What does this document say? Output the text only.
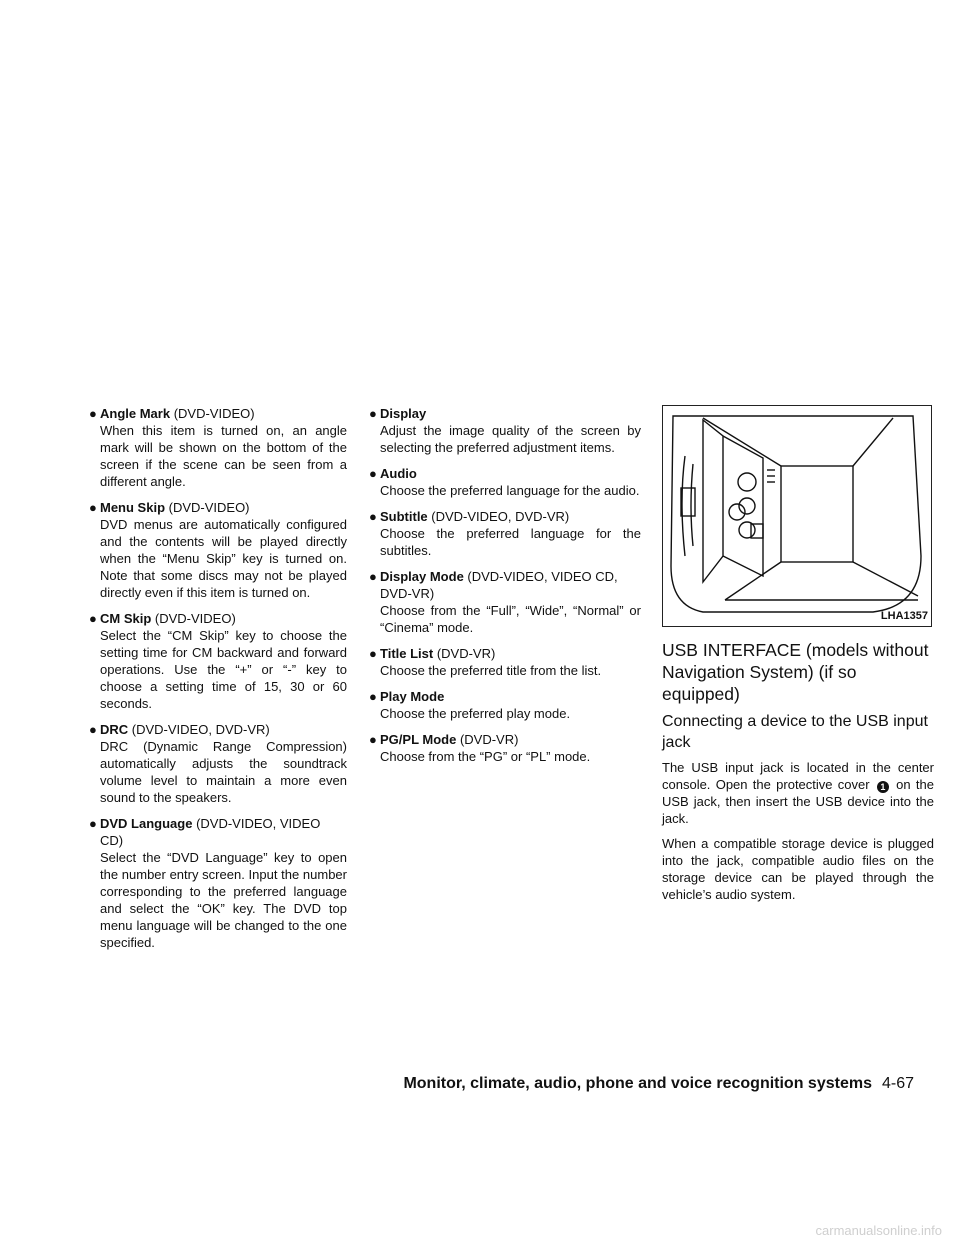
● Angle Mark (DVD-VIDEO)
When this item is turned on, an angle mark will be shown on the bottom of the screen if the scene can be seen from a different angle.
● Menu Skip (DVD-VIDEO)
DVD menus are automatically configured and the contents will be played directly when the “Menu Skip” key is turned on. Note that some discs may not be played directly even if this item is turned on.
● CM Skip (DVD-VIDEO)
Select the “CM Skip” key to choose the setting time for CM backward and forward operations. Use the “+” or “-” key to choose a setting time of 15, 30 or 60 seconds.
● DRC (DVD-VIDEO, DVD-VR)
DRC (Dynamic Range Compression) automatically adjusts the soundtrack volume level to maintain a more even sound to the speakers.
● DVD Language (DVD-VIDEO, VIDEO CD)
Select the “DVD Language” key to open the number entry screen. Input the number corresponding to the preferred language and select the “OK” key. The DVD top menu language will be changed to the one specified.
● Display
Adjust the image quality of the screen by selecting the preferred adjustment items.
● Audio
Choose the preferred language for the audio.
● Subtitle (DVD-VIDEO, DVD-VR)
Choose the preferred language for the subtitles.
● Display Mode (DVD-VIDEO, VIDEO CD, DVD-VR)
Choose from the “Full”, “Wide”, “Normal” or “Cinema” mode.
● Title List (DVD-VR)
Choose the preferred title from the list.
● Play Mode
Choose the preferred play mode.
● PG/PL Mode (DVD-VR)
Choose from the “PG” or “PL” mode.
LHA1357
USB INTERFACE (models without Navigation System) (if so equipped)
Connecting a device to the USB input jack

The USB input jack is located in the center console. Open the protective cover 1 on the USB jack, then insert the USB device into the jack.

When a compatible storage device is plugged into the jack, compatible audio files on the storage device can be played through the vehicle’s audio system.

Monitor, climate, audio, phone and voice recognition systems 4-67
carmanualsonline.info
